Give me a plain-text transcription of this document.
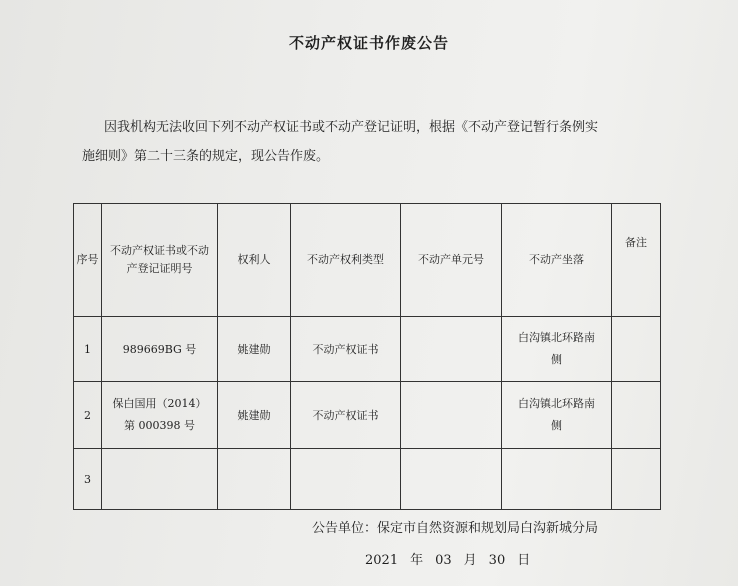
不动产权证书作废公告
因我机构无法收回下列不动产权证书或不动产登记证明，根据《不动产登记暂行条例实
施细则》第二十三条的规定，现公告作废。
序号	不动产权证书或不动
产登记证明号	权利人	不动产权利类型	不动产单元号	不动产坐落	备注
1	989669BG 号	姚建勋	不动产权证书		白沟镇北环路南
侧	
2	保白国用（2014）
第 000398 号	姚建勋	不动产权证书		白沟镇北环路南
侧	
3						
公告单位：保定市自然资源和规划局白沟新城分局
2021 年 03 月 30 日
